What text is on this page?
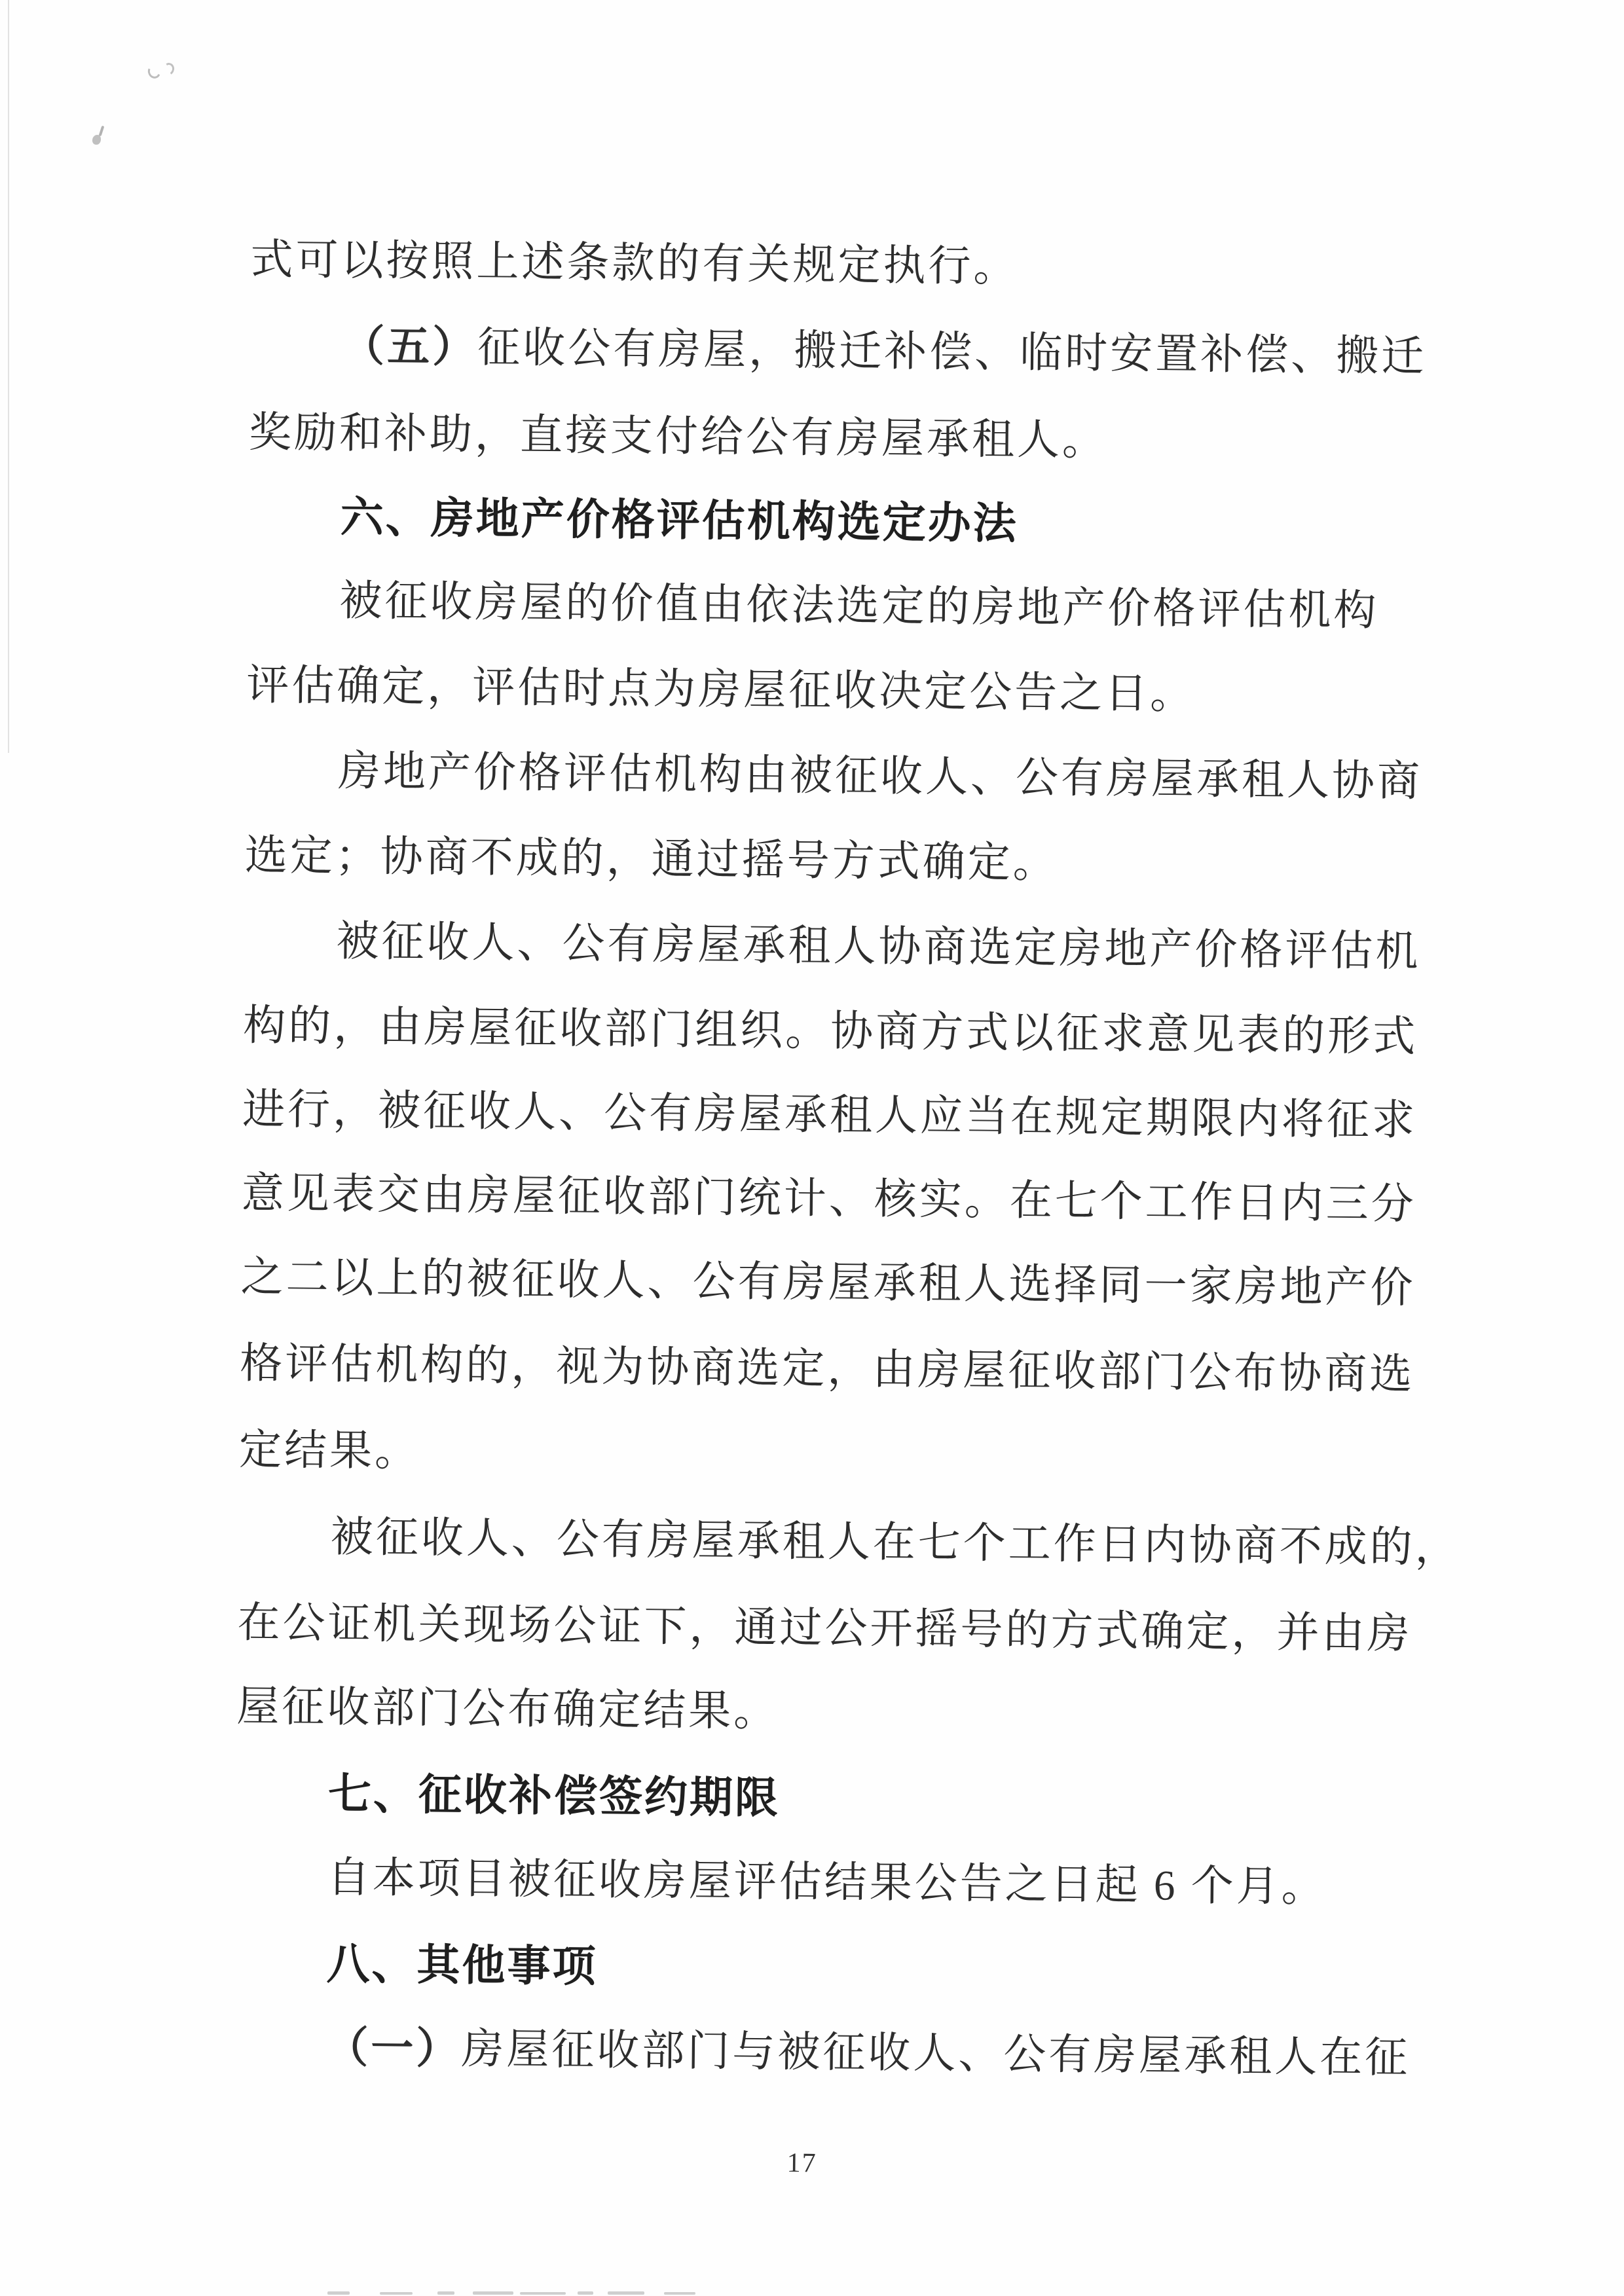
式可以按照上述条款的有关规定执行。
（五）征收公有房屋，搬迁补偿、临时安置补偿、搬迁
奖励和补助，直接支付给公有房屋承租人。
六、房地产价格评估机构选定办法
被征收房屋的价值由依法选定的房地产价格评估机构
评估确定，评估时点为房屋征收决定公告之日。
房地产价格评估机构由被征收人、公有房屋承租人协商
选定；协商不成的，通过摇号方式确定。
被征收人、公有房屋承租人协商选定房地产价格评估机
构的，由房屋征收部门组织。协商方式以征求意见表的形式
进行，被征收人、公有房屋承租人应当在规定期限内将征求
意见表交由房屋征收部门统计、核实。在七个工作日内三分
之二以上的被征收人、公有房屋承租人选择同一家房地产价
格评估机构的，视为协商选定，由房屋征收部门公布协商选
定结果。
被征收人、公有房屋承租人在七个工作日内协商不成的，
在公证机关现场公证下，通过公开摇号的方式确定，并由房
屋征收部门公布确定结果。
七、征收补偿签约期限
自本项目被征收房屋评估结果公告之日起 6 个月。
八、其他事项
（一）房屋征收部门与被征收人、公有房屋承租人在征
17
